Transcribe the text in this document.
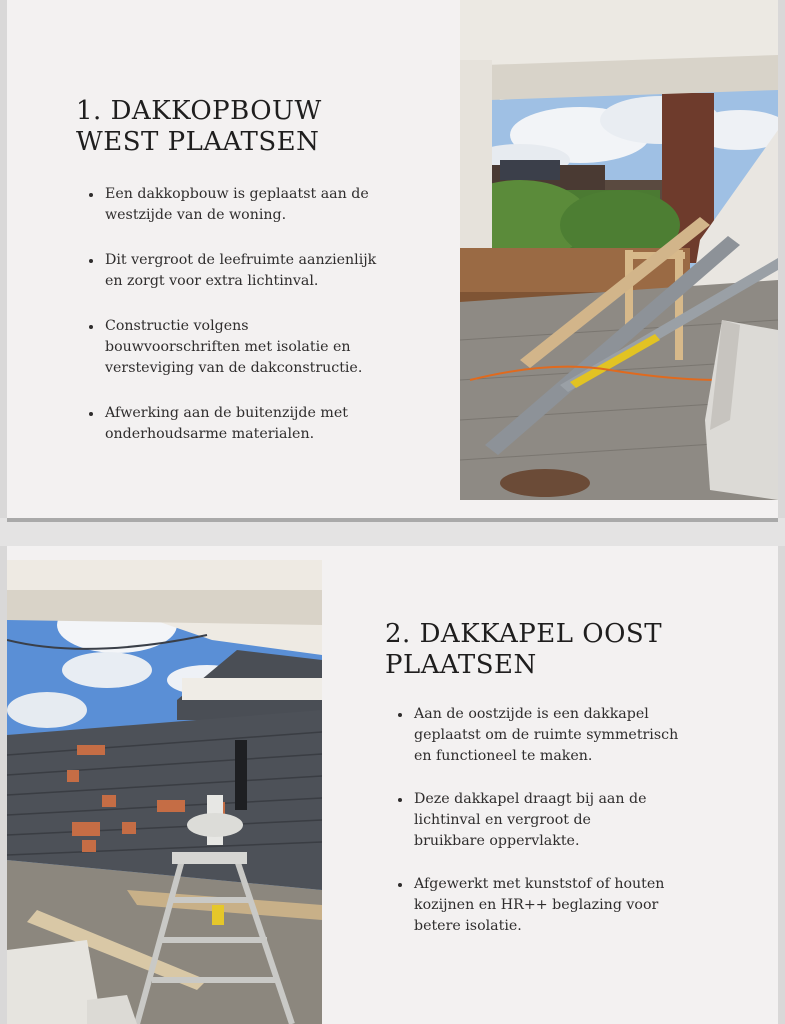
1. DAKKOPBOUW
WEST PLAATSEN
Een dakkopbouw is geplaatst aan de westzijde van de woning.
Dit vergroot de leefruimte aanzienlijk en zorgt voor extra lichtinval.
Constructie volgens bouwvoorschriften met isolatie en versteviging van de dakconstructie.
Afwerking aan de buitenzijde met onderhoudsarme materialen.
2. DAKKAPEL OOST
PLAATSEN
Aan de oostzijde is een dakkapel geplaatst om de ruimte symmetrisch en functioneel te maken.
Deze dakkapel draagt bij aan de lichtinval en vergroot de bruikbare oppervlakte.
Afgewerkt met kunststof of houten kozijnen en HR++ beglazing voor betere isolatie.
